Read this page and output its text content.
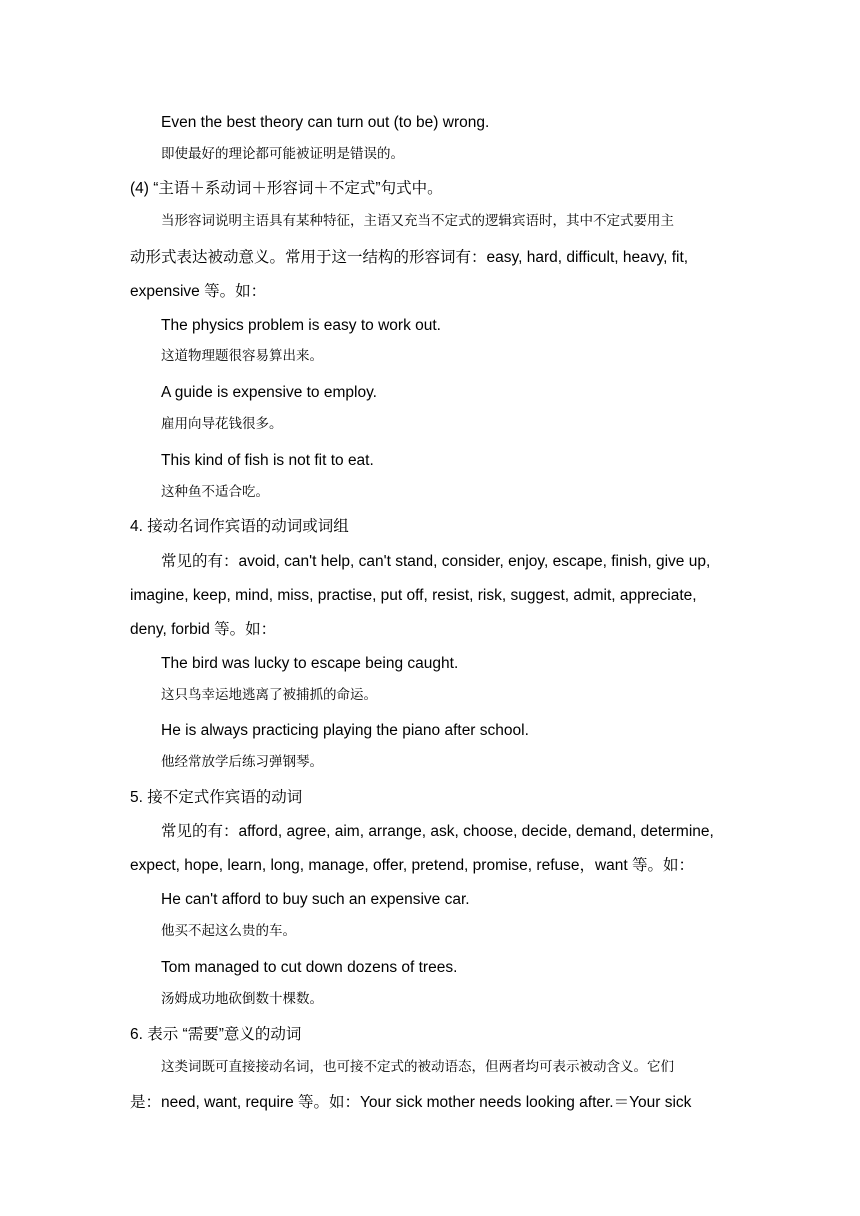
Even the best theory can turn out (to be) wrong.
即使最好的理论都可能被证明是错误的。
(4) “主语＋系动词＋形容词＋不定式”句式中。
当形容词说明主语具有某种特征，主语又充当不定式的逻辑宾语时，其中不定式要用主
动形式表达被动意义。常用于这一结构的形容词有：easy, hard, difficult, heavy, fit,
expensive 等。如：
The physics problem is easy to work out.
这道物理题很容易算出来。
A guide is expensive to employ.
雇用向导花钱很多。
This kind of fish is not fit to eat.
这种鱼不适合吃。
4. 接动名词作宾语的动词或词组
常见的有：avoid, can't help, can't stand, consider, enjoy, escape, finish, give up,
imagine, keep, mind, miss, practise, put off, resist, risk, suggest, admit, appreciate,
deny, forbid 等。如：
The bird was lucky to escape being caught.
这只鸟幸运地逃离了被捕抓的命运。
He is always practicing playing the piano after school.
他经常放学后练习弹钢琴。
5. 接不定式作宾语的动词
常见的有：afford, agree, aim, arrange, ask, choose, decide, demand, determine,
expect, hope, learn, long, manage, offer, pretend, promise, refuse，want 等。如：
He can't afford to buy such an expensive car.
他买不起这么贵的车。
Tom managed to cut down dozens of trees.
汤姆成功地砍倒数十棵数。
6. 表示 “需要”意义的动词
这类词既可直接接动名词，也可接不定式的被动语态，但两者均可表示被动含义。它们
是：need, want, require 等。如：Your sick mother needs looking after.＝Your sick
